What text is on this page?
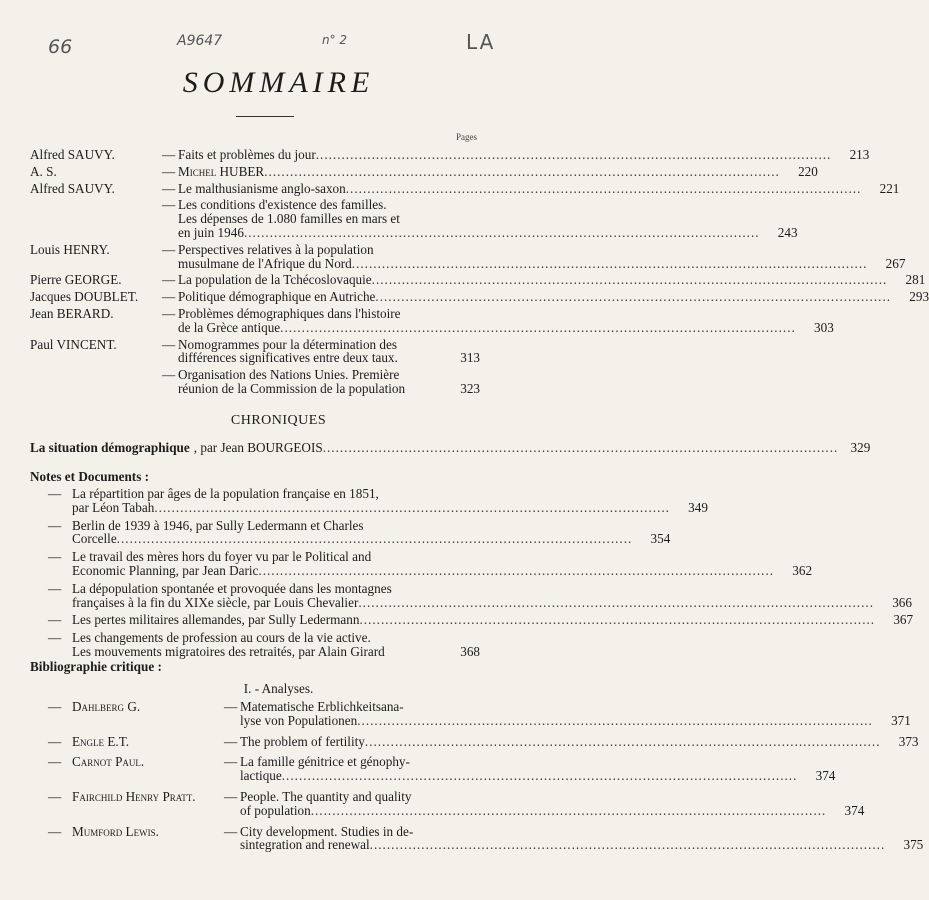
66	A9647	n° 2	LA
SOMMAIRE
Pages
Alfred SAUVY.	— Faits et problèmes du jour .....	213
A. S.	— Michel HUBER .....	220
Alfred SAUVY.	— Le malthusianisme anglo-saxon .....	221
— Les conditions d'existence des familles.
Les dépenses de 1.080 familles en mars et
en juin 1946 .....	243
Louis HENRY.	— Perspectives relatives à la population
musulmane de l'Afrique du Nord .....	267
Pierre GEORGE.	— La population de la Tchécoslovaquie .....	281
Jacques DOUBLET.	— Politique démographique en Autriche .....	293
Jean BERARD.	— Problèmes démographiques dans l'histoire
de la Grèce antique .....	303
Paul VINCENT.	— Nomogrammes pour la détermination des
différences significatives entre deux taux.	313
— Organisation des Nations Unies. Première
réunion de la Commission de la population	323
CHRONIQUES
La situation démographique , par Jean BOURGEOIS .....	329
Notes et Documents :
— La répartition par âges de la population française en 1851,
par Léon Tabah .....	349
— Berlin de 1939 à 1946, par Sully Ledermann et Charles
Corcelle .....	354
— Le travail des mères hors du foyer vu par le Political and
Economic Planning, par Jean Daric .....	362
— La dépopulation spontanée et provoquée dans les montagnes
françaises à la fin du XIXe siècle, par Louis Chevalier .....	366
— Les pertes militaires allemandes, par Sully Ledermann .....	367
— Les changements de profession au cours de la vie active.
Les mouvements migratoires des retraités, par Alain Girard	368
Bibliographie critique :
I. - Analyses.
— Dahlberg G.	— Matematische Erblichkeitsana-
lyse von Populationen .....	371
— Engle E.T.	— The problem of fertility .....	373
— Carnot Paul.	— La famille génitrice et génophy-
lactique .....	374
— Fairchild Henry Pratt.	— People. The quantity and quality
of population .....	374
— Mumford Lewis.	— City development. Studies in de-
sintegration and renewal .....	375
